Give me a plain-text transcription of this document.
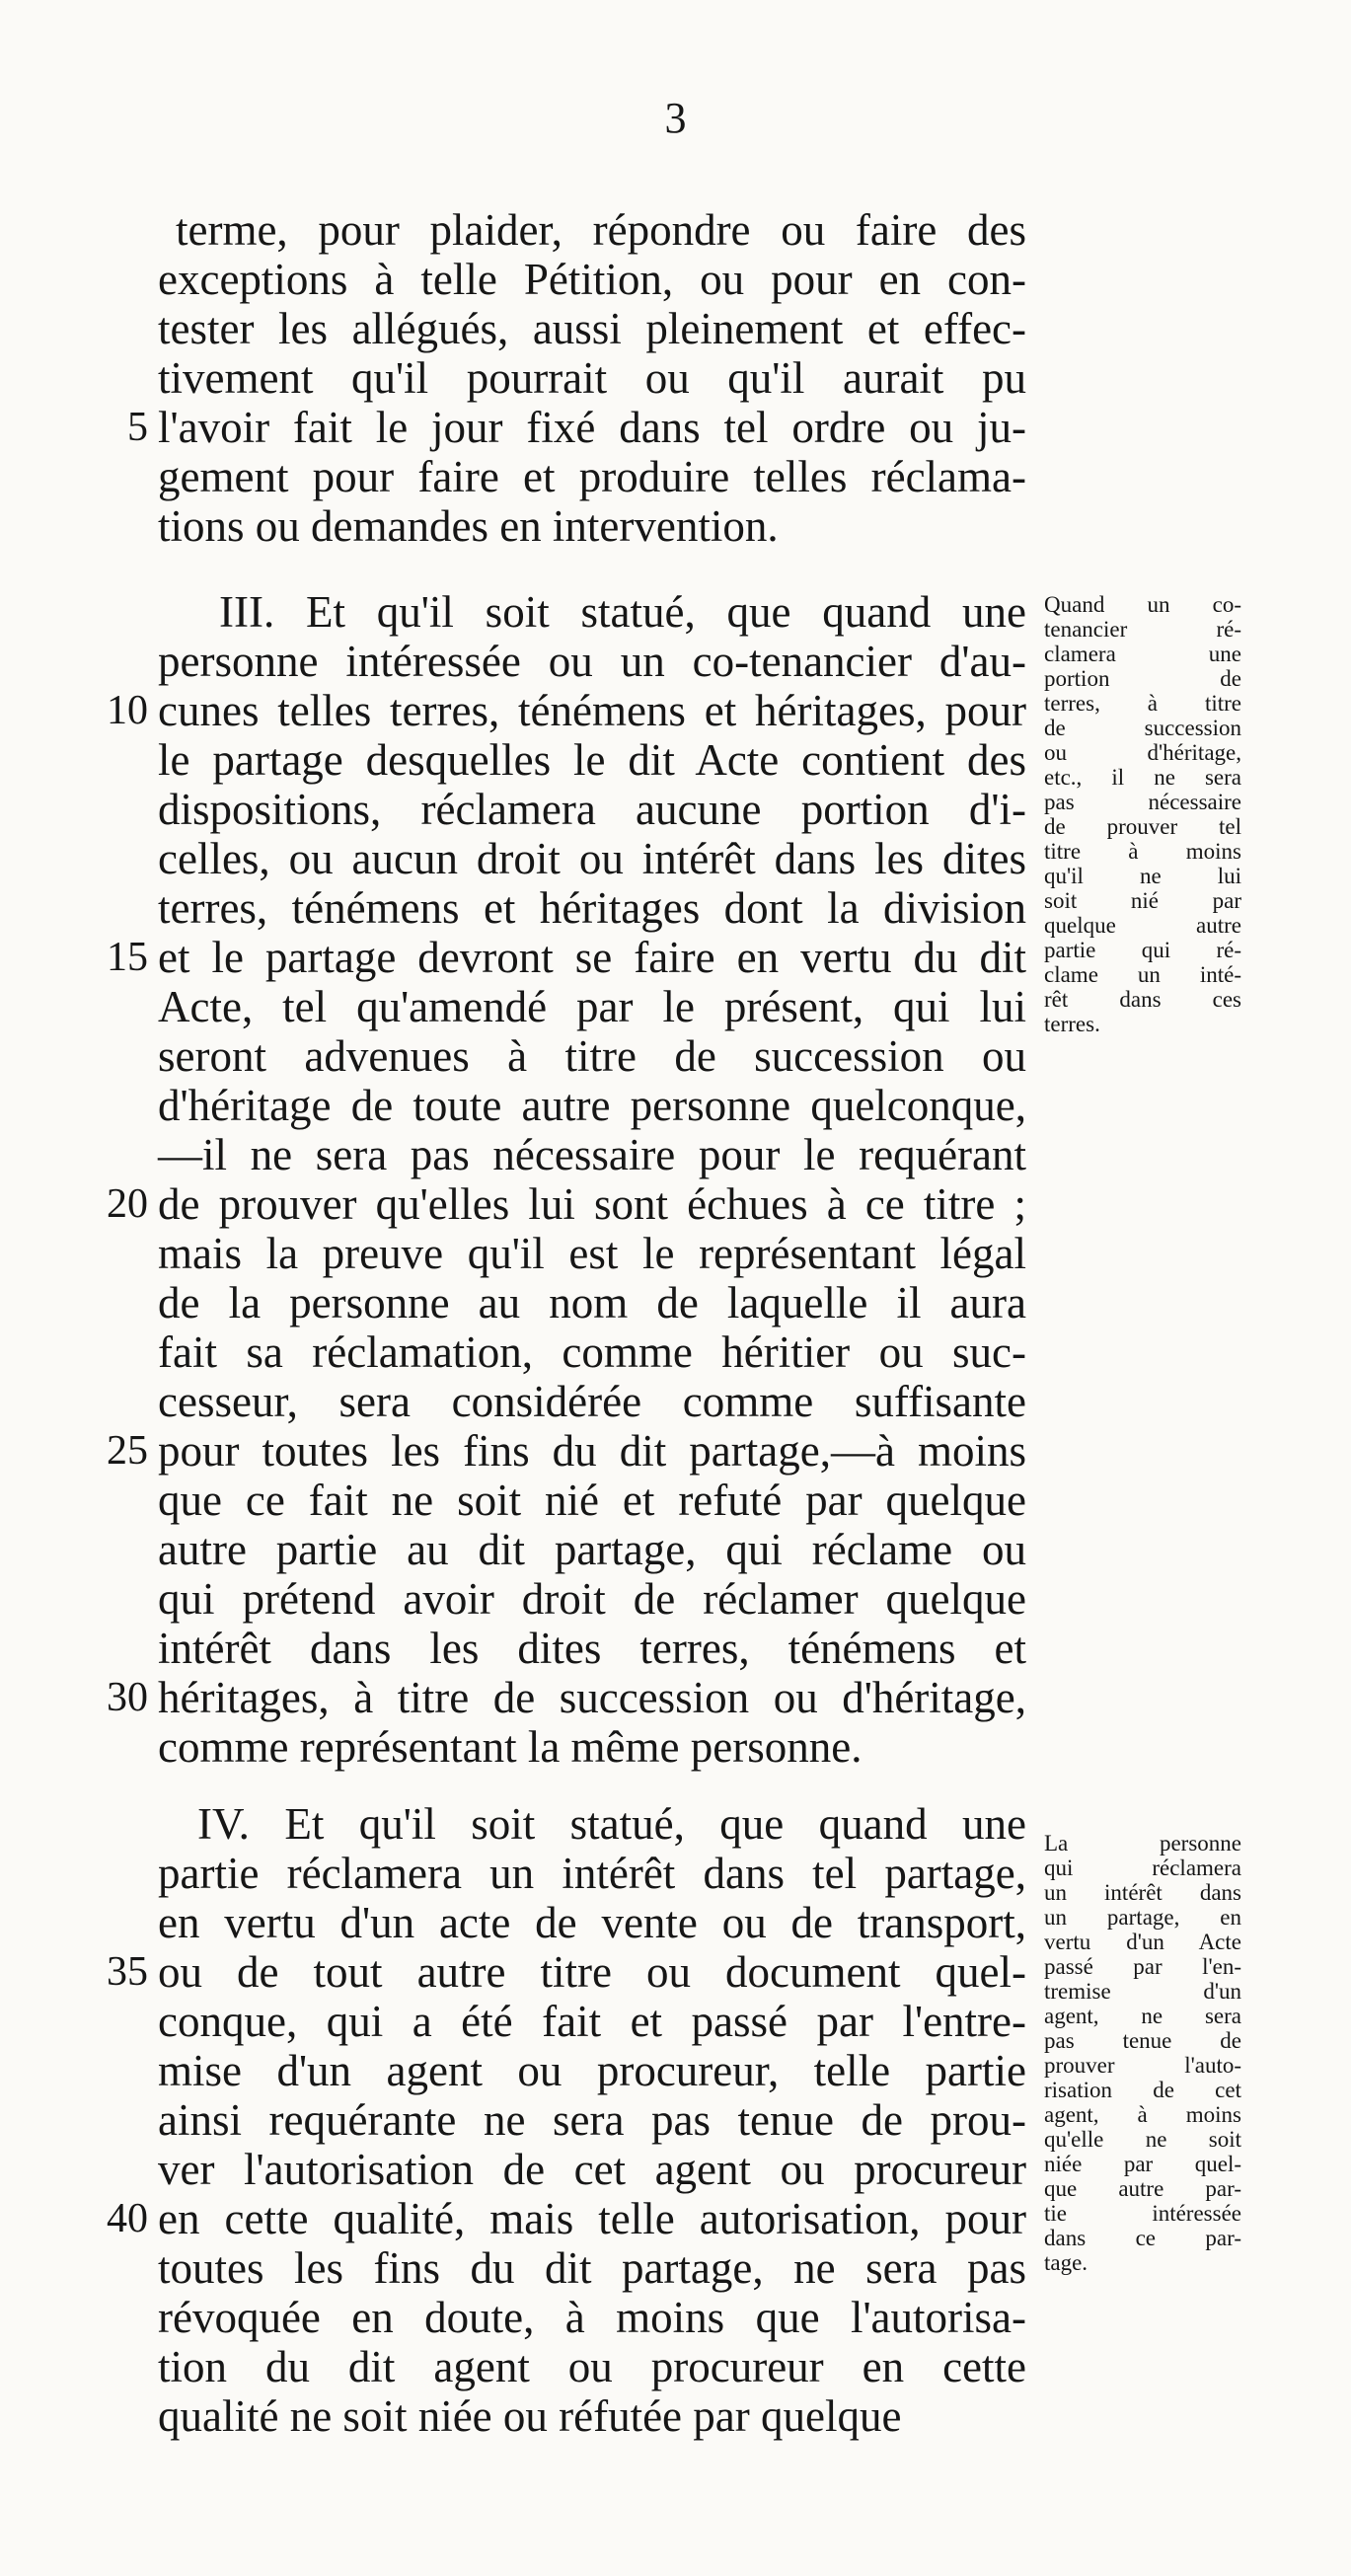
3
terme, pour plaider, répondre ou faire des
exceptions à telle Pétition, ou pour en con-
tester les allégués, aussi pleinement et effec-
tivement qu'il pourrait ou qu'il aurait pu
l'avoir fait le jour fixé dans tel ordre ou ju-
5
gement pour faire et produire telles réclama-
tions ou demandes en intervention.
III. Et qu'il soit statué, que quand une
personne intéressée ou un co-tenancier d'au-
cunes telles terres, ténémens et héritages, pour
10
le partage desquelles le dit Acte contient des
dispositions, réclamera aucune portion d'i-
celles, ou aucun droit ou intérêt dans les dites
terres, ténémens et héritages dont la division
et le partage devront se faire en vertu du dit
15
Acte, tel qu'amendé par le présent, qui lui
seront advenues à titre de succession ou
d'héritage de toute autre personne quelconque,
—il ne sera pas nécessaire pour le requérant
de prouver qu'elles lui sont échues à ce titre ;
20
mais la preuve qu'il est le représentant légal
de la personne au nom de laquelle il aura
fait sa réclamation, comme héritier ou suc-
cesseur, sera considérée comme suffisante
pour toutes les fins du dit partage,—à moins
25
que ce fait ne soit nié et refuté par quelque
autre partie au dit partage, qui réclame ou
qui prétend avoir droit de réclamer quelque
intérêt dans les dites terres, ténémens et
héritages, à titre de succession ou d'héritage,
30
comme représentant la même personne.
IV. Et qu'il soit statué, que quand une
partie réclamera un intérêt dans tel partage,
en vertu d'un acte de vente ou de transport,
ou de tout autre titre ou document quel-
35
conque, qui a été fait et passé par l'entre-
mise d'un agent ou procureur, telle partie
ainsi requérante ne sera pas tenue de prou-
ver l'autorisation de cet agent ou procureur
en cette qualité, mais telle autorisation, pour
40
toutes les fins du dit partage, ne sera pas
révoquée en doute, à moins que l'autorisa-
tion du dit agent ou procureur en cette
qualité ne soit niée ou réfutée par quelque
Quand un co-
tenancier ré-
clamera une
portion de
terres, à titre
de succession
ou d'héritage,
etc., il ne sera
pas nécessaire
de prouver tel
titre à moins
qu'il ne lui
soit nié par
quelque autre
partie qui ré-
clame un inté-
rêt dans ces
terres.
La personne
qui réclamera
un intérêt dans
un partage, en
vertu d'un Acte
passé par l'en-
tremise d'un
agent, ne sera
pas tenue de
prouver l'auto-
risation de cet
agent, à moins
qu'elle ne soit
niée par quel-
que autre par-
tie intéressée
dans ce par-
tage.
